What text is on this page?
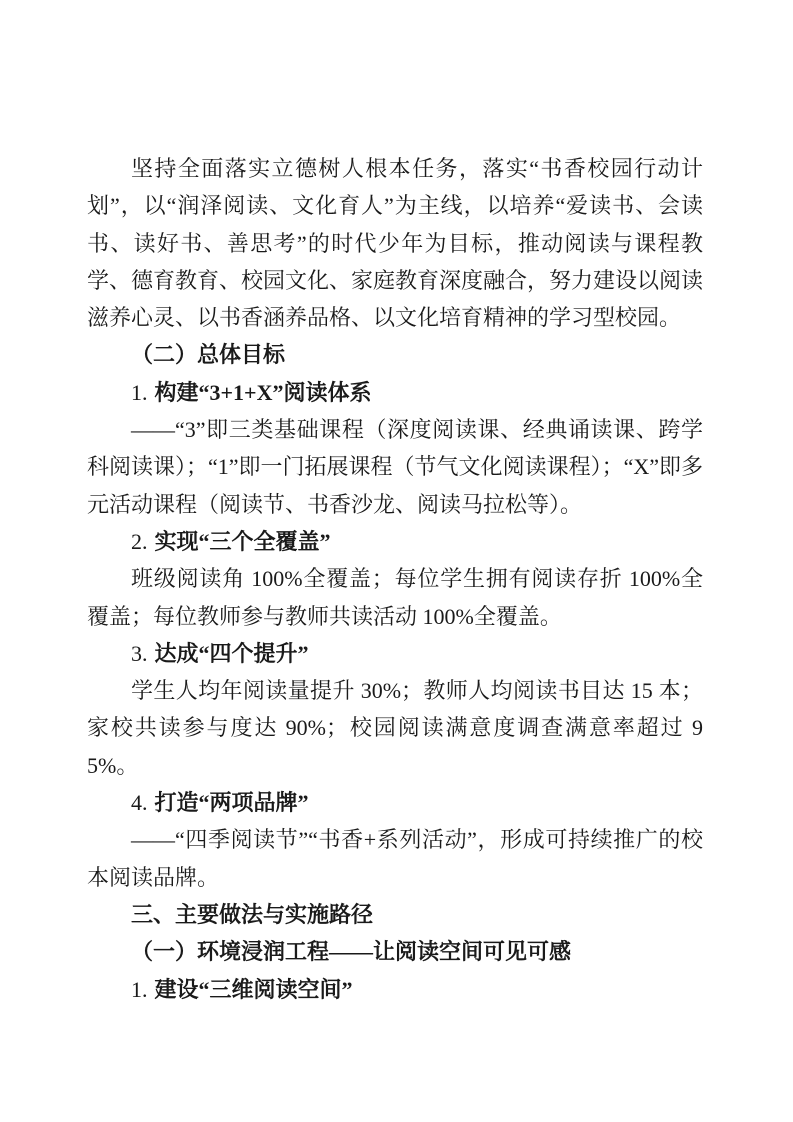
坚持全面落实立德树人根本任务，落实“书香校园行动计划”，以“润泽阅读、文化育人”为主线，以培养“爱读书、会读书、读好书、善思考”的时代少年为目标，推动阅读与课程教学、德育教育、校园文化、家庭教育深度融合，努力建设以阅读滋养心灵、以书香涵养品格、以文化培育精神的学习型校园。

（二）总体目标

1. 构建“3+1+X”阅读体系

——“3”即三类基础课程（深度阅读课、经典诵读课、跨学科阅读课）；“1”即一门拓展课程（节气文化阅读课程）；“X”即多元活动课程（阅读节、书香沙龙、阅读马拉松等）。

2. 实现“三个全覆盖”

班级阅读角 100%全覆盖；每位学生拥有阅读存折 100%全覆盖；每位教师参与教师共读活动 100%全覆盖。

3. 达成“四个提升”

学生人均年阅读量提升 30%；教师人均阅读书目达 15 本；家校共读参与度达 90%；校园阅读满意度调查满意率超过 95%。

4. 打造“两项品牌”

——“四季阅读节”“书香+系列活动”，形成可持续推广的校本阅读品牌。

三、主要做法与实施路径

（一）环境浸润工程——让阅读空间可见可感

1. 建设“三维阅读空间”
